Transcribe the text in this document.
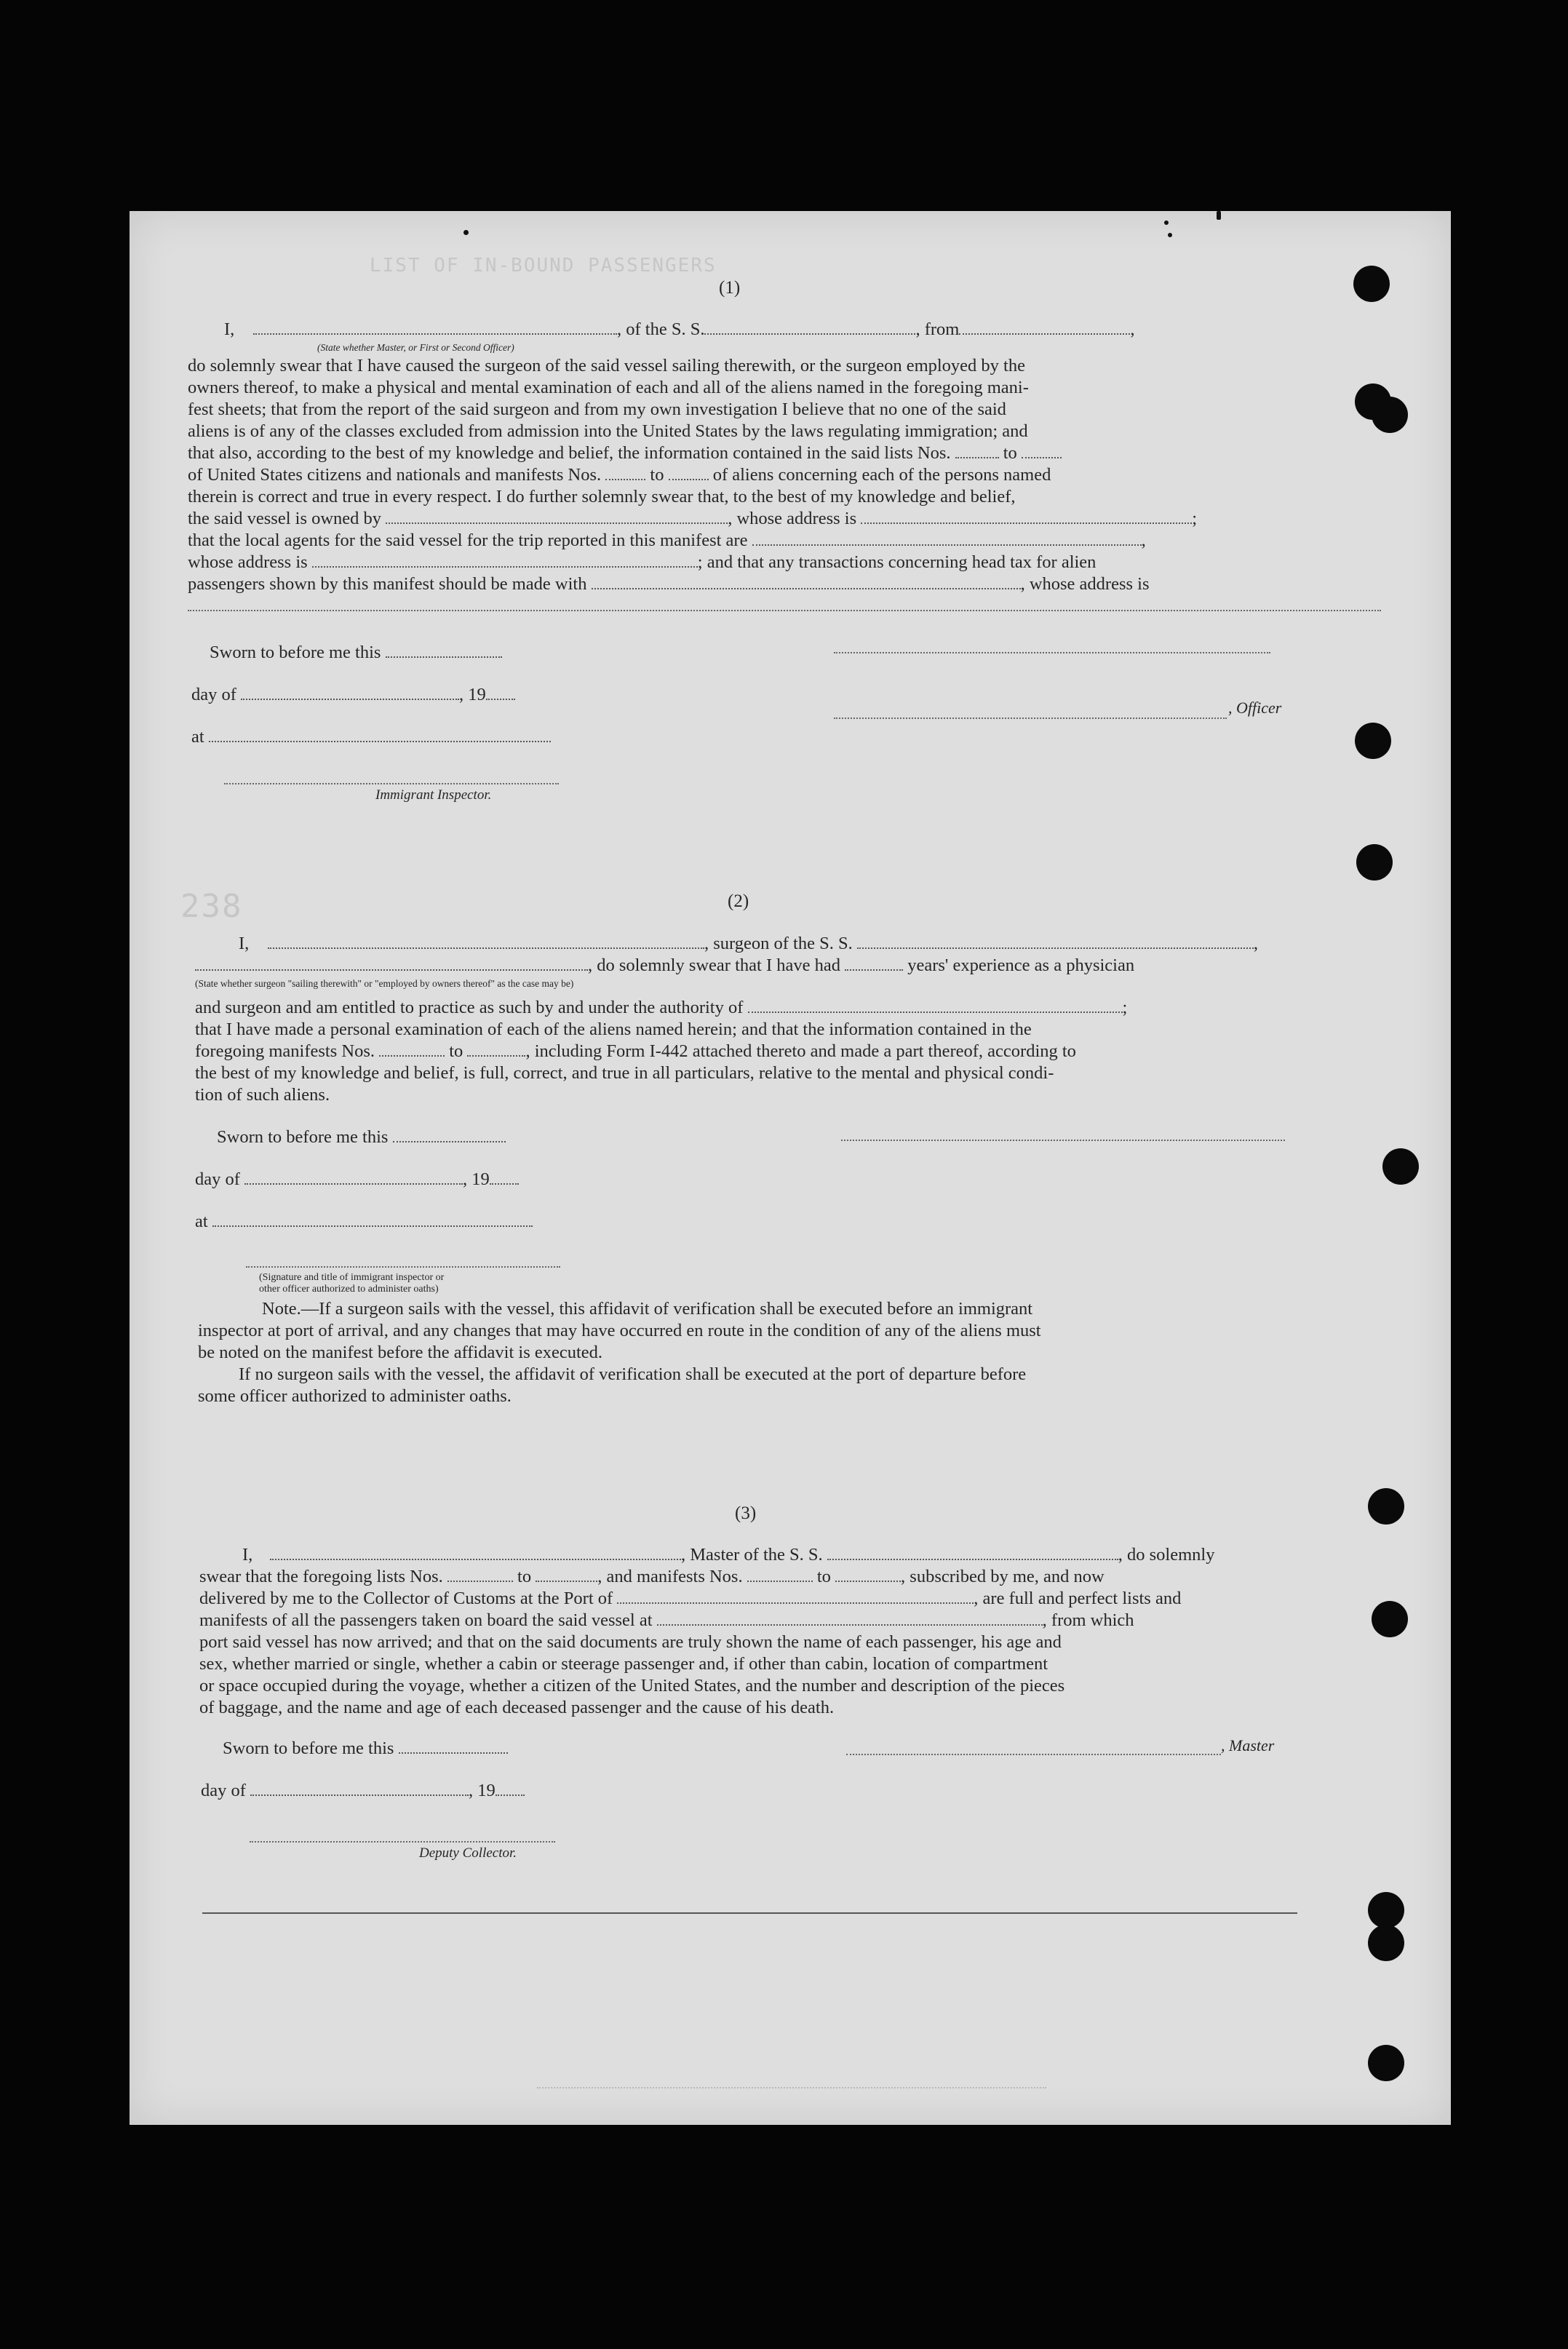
LIST OF IN-BOUND PASSENGERS
238
(1)
I,	, of the S. S.	, from	,
(State whether Master, or First or Second Officer)
do solemnly swear that I have caused the surgeon of the said vessel sailing therewith, or the surgeon employed by the
owners thereof, to make a physical and mental examination of each and all of the aliens named in the foregoing mani-
fest sheets; that from the report of the said surgeon and from my own investigation I believe that no one of the said
aliens is of any of the classes excluded from admission into the United States by the laws regulating immigration; and
that also, according to the best of my knowledge and belief, the information contained in the said lists Nos.	to
of United States citizens and nationals and manifests Nos.	to	of aliens concerning each of the persons named
therein is correct and true in every respect. I do further solemnly swear that, to the best of my knowledge and belief,
the said vessel is owned by	, whose address is	;
that the local agents for the said vessel for the trip reported in this manifest are	,
whose address is	; and that any transactions concerning head tax for alien
passengers shown by this manifest should be made with	, whose address is
Sworn to before me this
day of	, 19
, Officer
at
Immigrant Inspector.
(2)
I,	, surgeon of the S. S.	,
, do solemnly swear that I have had	years' experience as a physician
(State whether surgeon "sailing therewith" or "employed by owners thereof" as the case may be)
and surgeon and am entitled to practice as such by and under the authority of	;
that I have made a personal examination of each of the aliens named herein; and that the information contained in the
foregoing manifests Nos.	to	, including Form I-442 attached thereto and made a part thereof, according to
the best of my knowledge and belief, is full, correct, and true in all particulars, relative to the mental and physical condi-
tion of such aliens.
Sworn to before me this
day of	, 19
at
(Signature and title of immigrant inspector or
other officer authorized to administer oaths)
Note.—If a surgeon sails with the vessel, this affidavit of verification shall be executed before an immigrant
inspector at port of arrival, and any changes that may have occurred en route in the condition of any of the aliens must
be noted on the manifest before the affidavit is executed.
If no surgeon sails with the vessel, the affidavit of verification shall be executed at the port of departure before
some officer authorized to administer oaths.
(3)
I,	, Master of the S. S.	, do solemnly
swear that the foregoing lists Nos.	to	, and manifests Nos.	to	, subscribed by me, and now
delivered by me to the Collector of Customs at the Port of	, are full and perfect lists and
manifests of all the passengers taken on board the said vessel at	, from which
port said vessel has now arrived; and that on the said documents are truly shown the name of each passenger, his age and
sex, whether married or single, whether a cabin or steerage passenger and, if other than cabin, location of compartment
or space occupied during the voyage, whether a citizen of the United States, and the number and description of the pieces
of baggage, and the name and age of each deceased passenger and the cause of his death.
Sworn to before me this	, Master
day of	, 19
Deputy Collector.
